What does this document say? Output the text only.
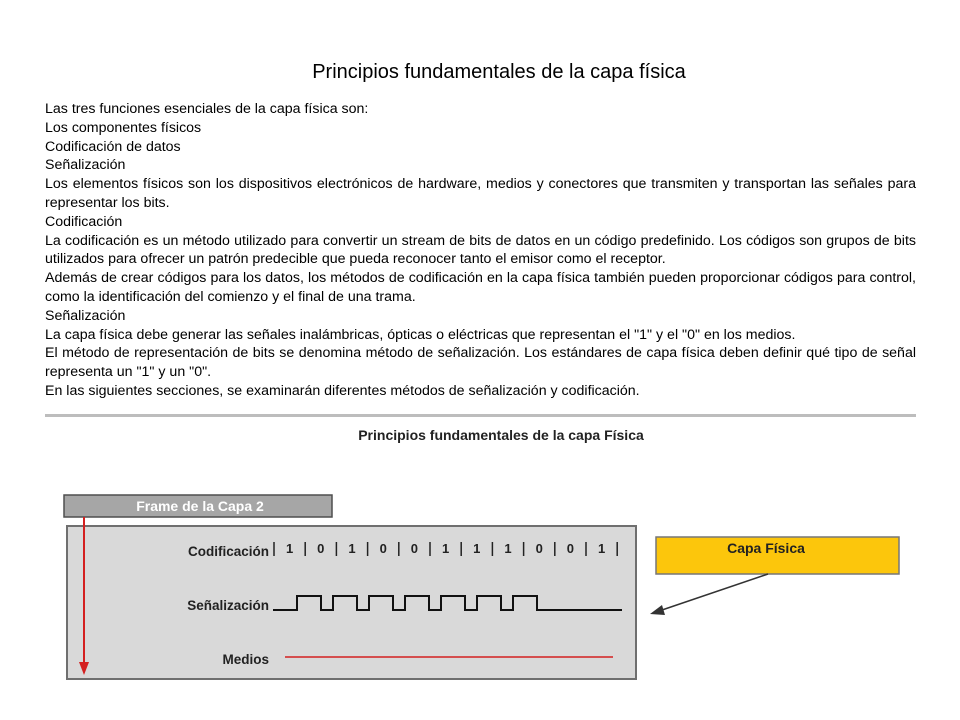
Principios fundamentales de la capa física

Las tres funciones esenciales de la capa física son:

Los componentes físicos

Codificación de datos

Señalización

Los elementos físicos son los dispositivos electrónicos de hardware, medios y conectores que transmiten y transportan las señales para representar los bits.

Codificación

La codificación es un método utilizado para convertir un stream de bits de datos en un código predefinido. Los códigos son grupos de bits utilizados para ofrecer un patrón predecible que pueda reconocer tanto el emisor como el receptor.

Además de crear códigos para los datos, los métodos de codificación en la capa física también pueden proporcionar códigos para control, como la identificación del comienzo y el final de una trama.

Señalización

La capa física debe generar las señales inalámbricas, ópticas o eléctricas que representan el "1" y el "0" en los medios.

El método de representación de bits se denomina método de señalización. Los estándares de capa física deben definir qué tipo de señal representa un "1" y un "0".

En las siguientes secciones, se examinarán diferentes métodos de señalización y codificación.

Principios fundamentales de la capa Física
Frame de la Capa 2
Codificación
Señalización
Medios
1 0 1 0 0 1 1 1 0 0 1	Capa Física
